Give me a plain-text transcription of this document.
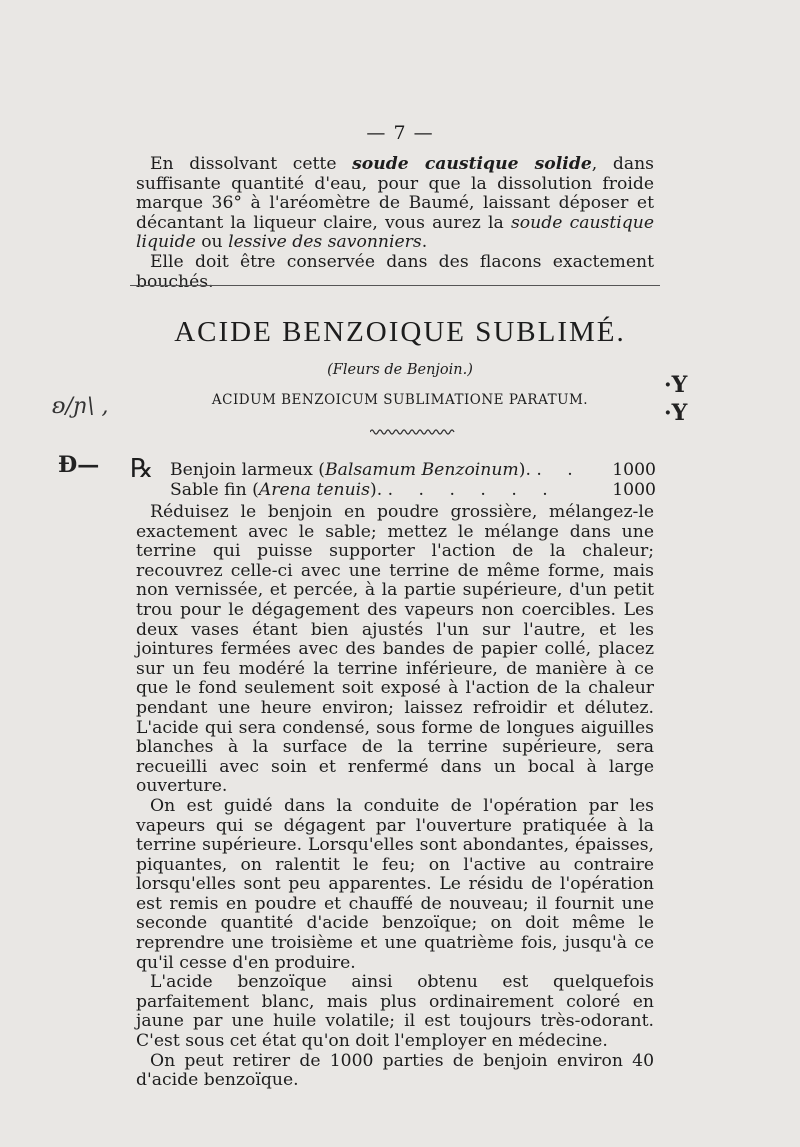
— 7 —

En dissolvant cette soude caustique solide, dans suffisante quantité d'eau, pour que la dissolution froide marque 36° à l'aréomètre de Baumé, laissant déposer et décantant la liqueur claire, vous aurez la soude caustique liquide ou lessive des savonniers.

Elle doit être conservée dans des flacons exactement bouchés.

ACIDE BENZOIQUE SUBLIMÉ.
(Fleurs de Benjoin.)
ACIDUM BENZOICUM SUBLIMATIONE PARATUM.
℞ Benjoin larmeux (Balsamum Benzoinum). . . 1000
Sable fin (Arena tenuis). . . . . . .	1000

Réduisez le benjoin en poudre grossière, mélangez-le exactement avec le sable; mettez le mélange dans une terrine qui puisse supporter l'action de la chaleur; recouvrez celle-ci avec une terrine de même forme, mais non vernissée, et percée, à la partie supérieure, d'un petit trou pour le dégagement des vapeurs non coercibles. Les deux vases étant bien ajustés l'un sur l'autre, et les jointures fermées avec des bandes de papier collé, placez sur un feu modéré la terrine inférieure, de manière à ce que le fond seulement soit exposé à l'action de la chaleur pendant une heure environ; laissez refroidir et délutez. L'acide qui sera condensé, sous forme de longues aiguilles blanches à la surface de la terrine supérieure, sera recueilli avec soin et renfermé dans un bocal à large ouverture.

On est guidé dans la conduite de l'opération par les vapeurs qui se dégagent par l'ouverture pratiquée à la terrine supérieure. Lorsqu'elles sont abondantes, épaisses, piquantes, on ralentit le feu; on l'active au contraire lorsqu'elles sont peu apparentes. Le résidu de l'opération est remis en poudre et chauffé de nouveau; il fournit une seconde quantité d'acide benzoïque; on doit même le reprendre une troisième et une quatrième fois, jusqu'à ce qu'il cesse d'en produire.

L'acide benzoïque ainsi obtenu est quelquefois parfaitement blanc, mais plus ordinairement coloré en jaune par une huile volatile; il est toujours très-odorant. C'est sous cet état qu'on doit l'employer en médecine.

On peut retirer de 1000 parties de benjoin environ 40 d'acide benzoïque.

ʚ/ɲ\ ,
Ð—
·Y
·Y
